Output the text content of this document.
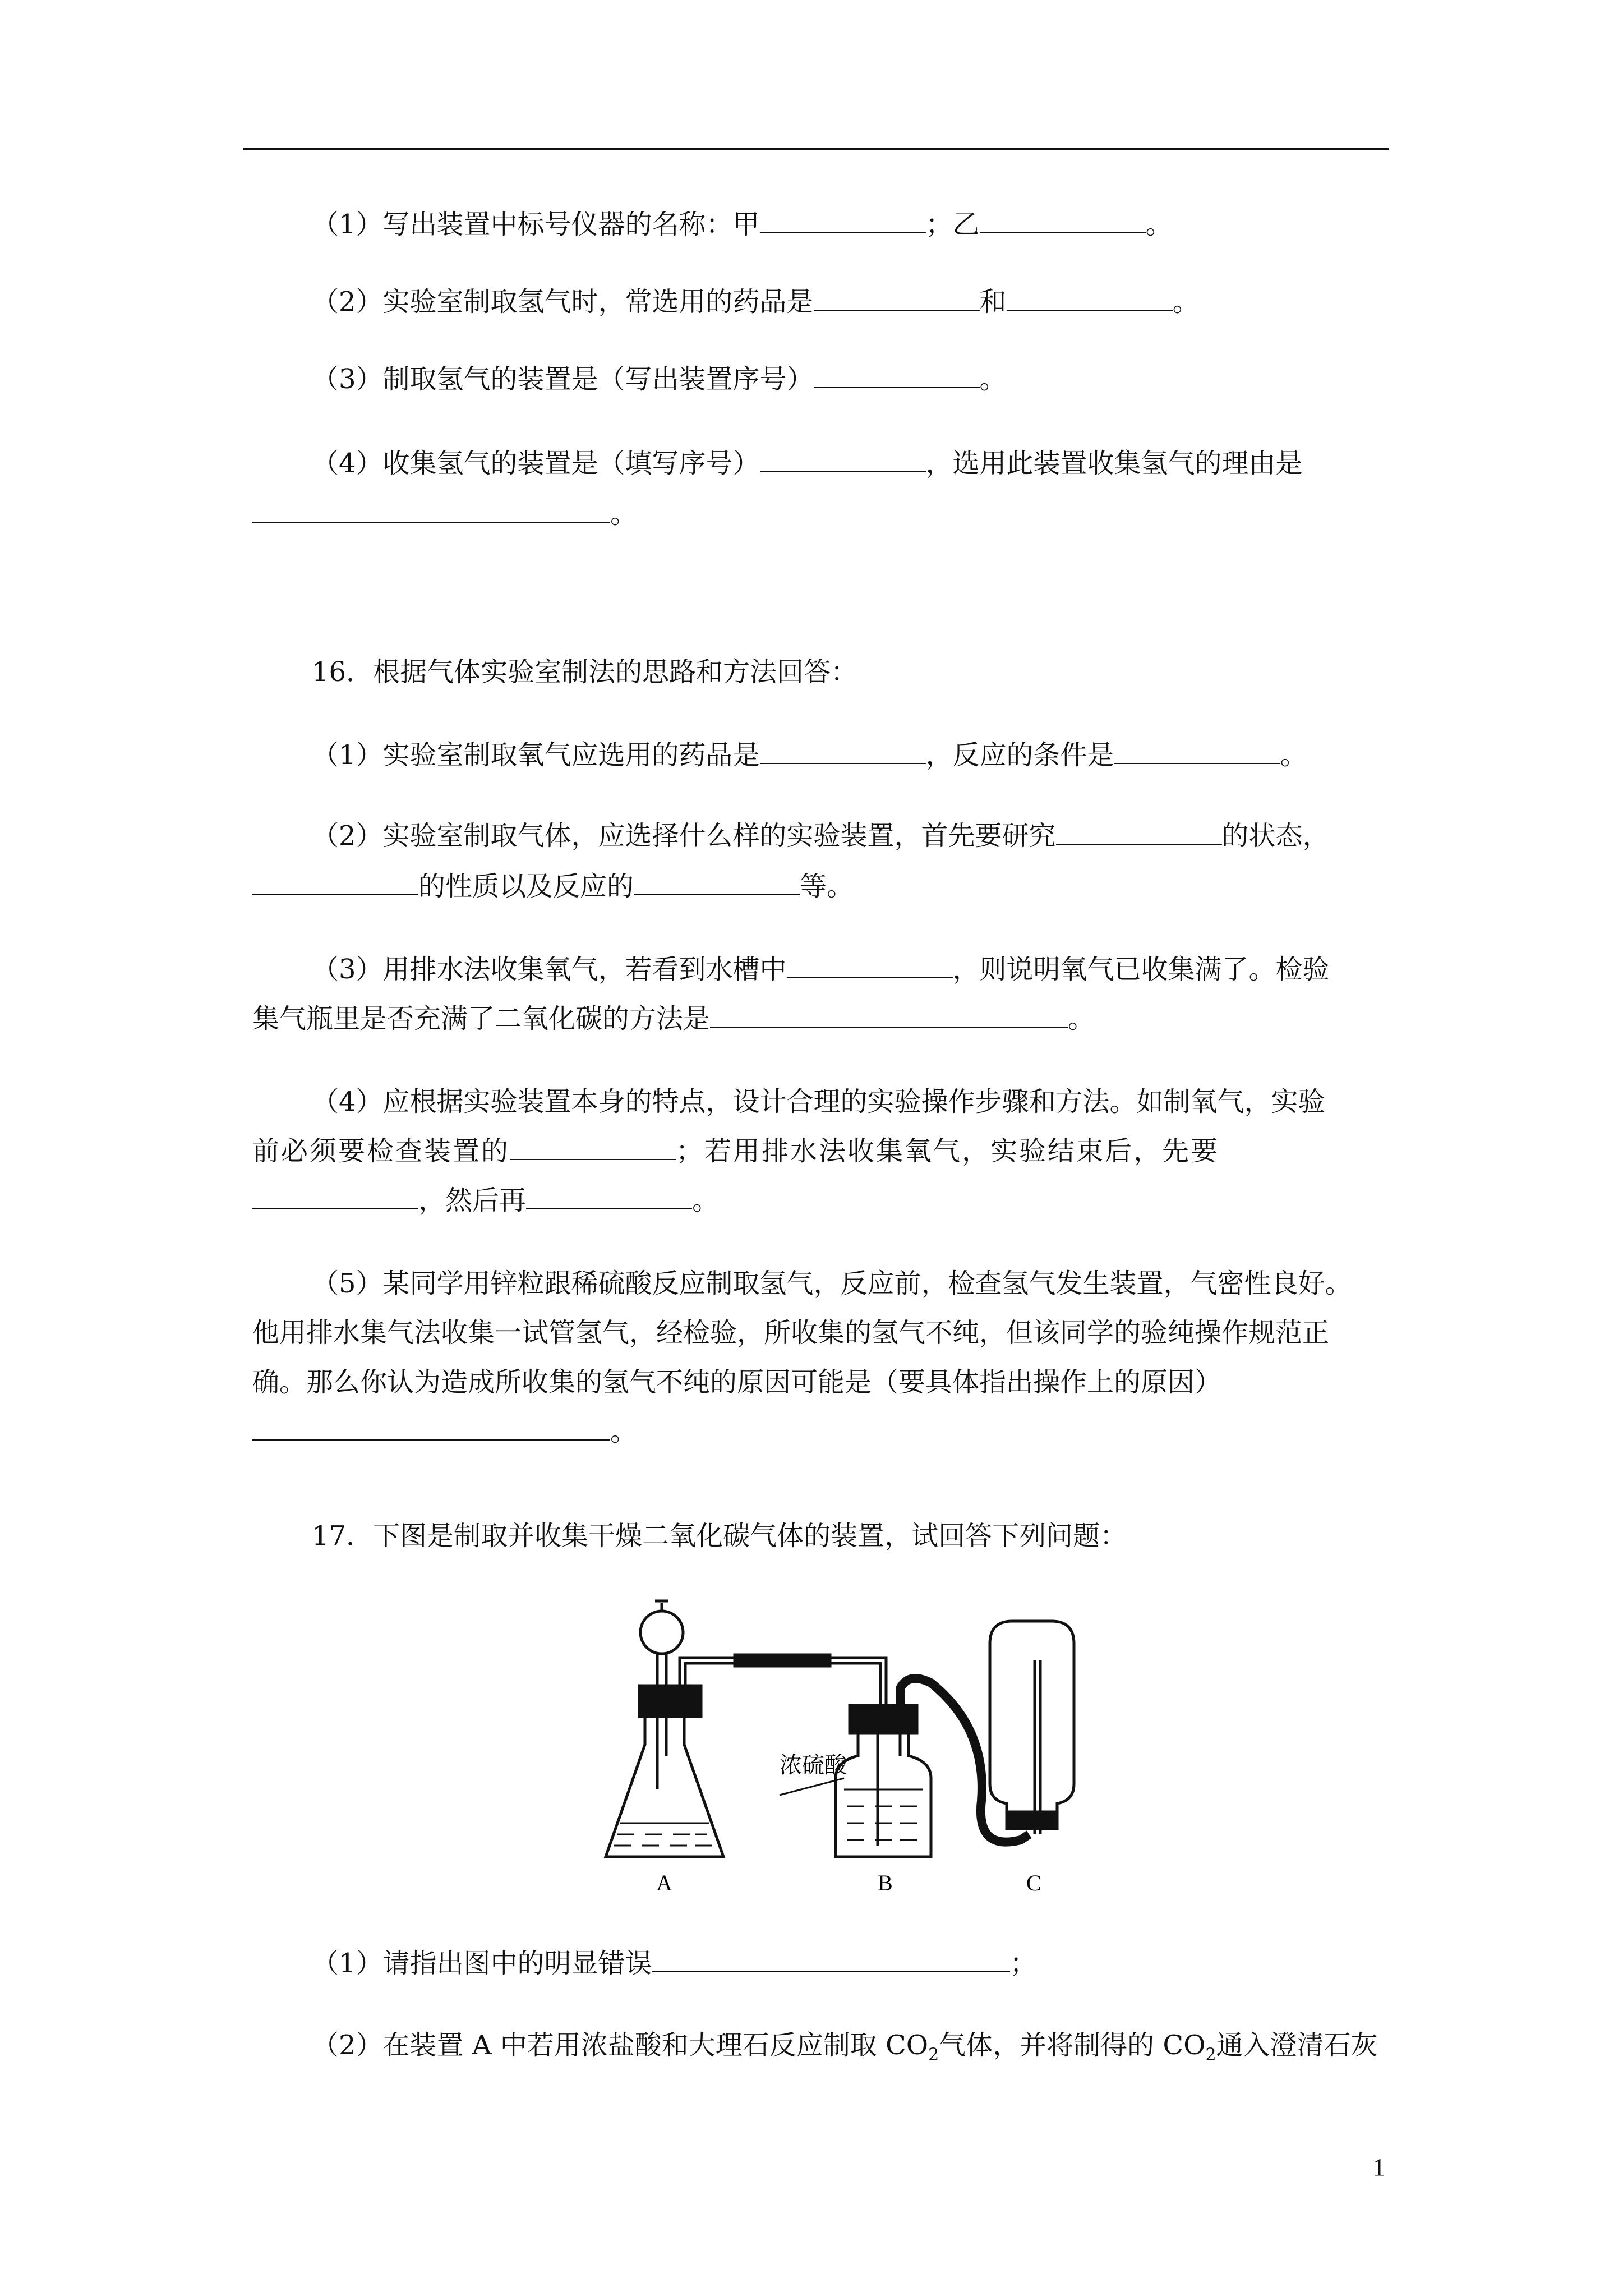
（1）写出装置中标号仪器的名称：甲	；乙	。
（2）实验室制取氢气时，常选用的药品是	和	。
（3）制取氢气的装置是（写出装置序号）	。
（4）收集氢气的装置是（填写序号）	，选用此装置收集氢气的理由是
。
16．根据气体实验室制法的思路和方法回答：
（1）实验室制取氧气应选用的药品是	，反应的条件是	。
（2）实验室制取气体，应选择什么样的实验装置，首先要研究	的状态，
的性质以及反应的	等。
（3）用排水法收集氧气，若看到水槽中	，则说明氧气已收集满了。检验
集气瓶里是否充满了二氧化碳的方法是	。
（4）应根据实验装置本身的特点，设计合理的实验操作步骤和方法。如制氧气，实验
前必须要检查装置的	；若用排水法收集氧气，实验结束后，先要
，然后再	。
（5）某同学用锌粒跟稀硫酸反应制取氢气，反应前，检查氢气发生装置，气密性良好。
他用排水集气法收集一试管氢气，经检验，所收集的氢气不纯，但该同学的验纯操作规范正
确。那么你认为造成所收集的氢气不纯的原因可能是（要具体指出操作上的原因）
。
17．下图是制取并收集干燥二氧化碳气体的装置，试回答下列问题：
浓硫酸
A	B	C
（1）请指出图中的明显错误	；
（2）在装置 A 中若用浓盐酸和大理石反应制取 $CO_2$气体，并将制得的 $CO_2$通入澄清石灰
1
